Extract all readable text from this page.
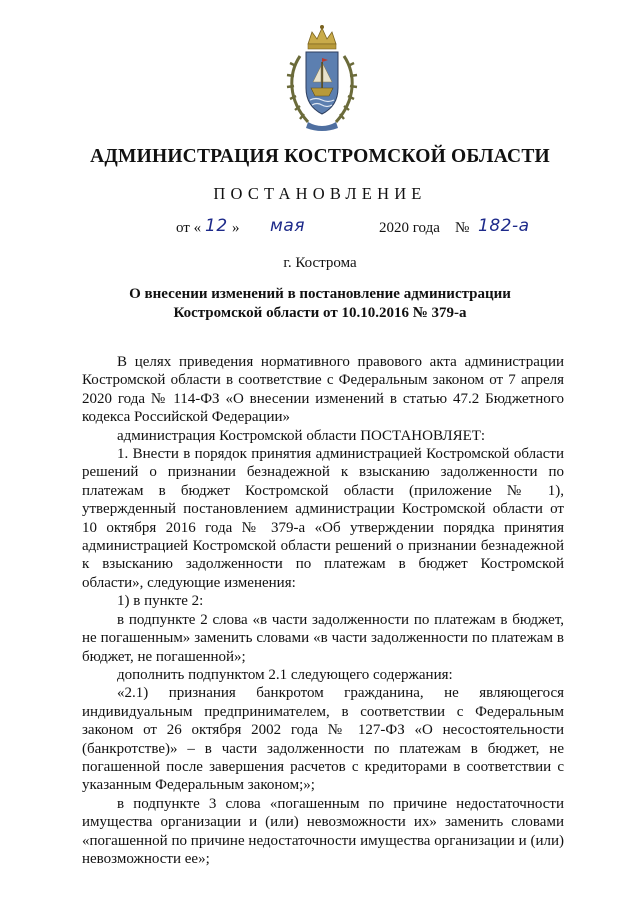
АДМИНИСТРАЦИЯ КОСТРОМСКОЙ ОБЛАСТИ
ПОСТАНОВЛЕНИЕ
от « 12 » мая	2020 года № 182-а
г. Кострома
О внесении изменений в постановление администрации
Костромской области от 10.10.2016 № 379-а

В целях приведения нормативного правового акта администрации Костромской области в соответствие с Федеральным законом от 7 апреля 2020 года № 114-ФЗ «О внесении изменений в статью 47.2 Бюджетного кодекса Российской Федерации»

администрация Костромской области ПОСТАНОВЛЯЕТ:

1. Внести в порядок принятия администрацией Костромской области решений о признании безнадежной к взысканию задолженности по платежам в бюджет Костромской области (приложение № 1), утвержденный постановлением администрации Костромской области от 10 октября 2016 года № 379-а «Об утверждении порядка принятия администрацией Костромской области решений о признании безнадежной к взысканию задолженности по платежам в бюджет Костромской области», следующие изменения:

1) в пункте 2:

в подпункте 2 слова «в части задолженности по платежам в бюджет, не погашенным» заменить словами «в части задолженности по платежам в бюджет, не погашенной»;

дополнить подпунктом 2.1 следующего содержания:

«2.1) признания банкротом гражданина, не являющегося индивидуальным предпринимателем, в соответствии с Федеральным законом от 26 октября 2002 года № 127-ФЗ «О несостоятельности (банкротстве)» – в части задолженности по платежам в бюджет, не погашенной после завершения расчетов с кредиторами в соответствии с указанным Федеральным законом;»;

в подпункте 3 слова «погашенным по причине недостаточности имущества организации и (или) невозможности их» заменить словами «погашенной по причине недостаточности имущества организации и (или) невозможности ее»;
